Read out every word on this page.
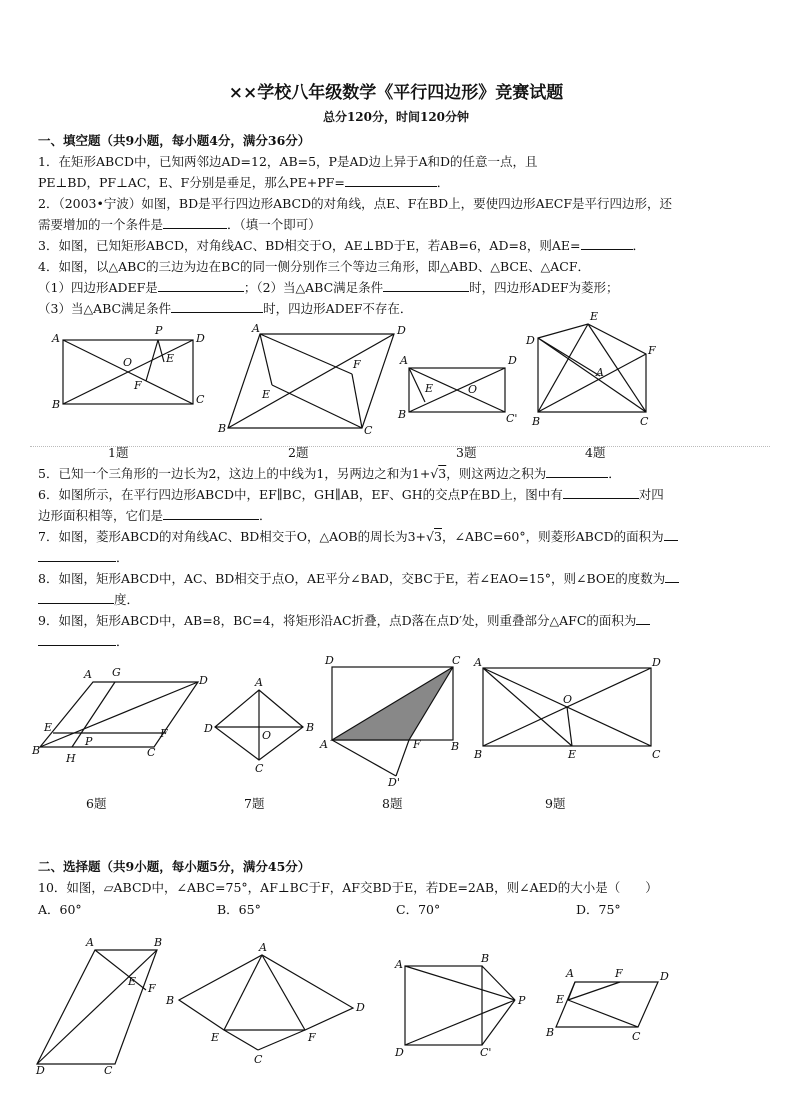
××学校八年级数学《平行四边形》竞赛试题
总分120分，时间120分钟
一、填空题（共9小题，每小题4分，满分36分）
1．在矩形ABCD中，已知两邻边AD=12，AB=5，P是AD边上异于A和D的任意一点，且
PE⊥BD，PF⊥AC，E、F分别是垂足，那么PE+PF=	．
2．（2003•宁波）如图，BD是平行四边形ABCD的对角线，点E、F在BD上，要使四边形AECF是平行四边形，还
需要增加的一个条件是	．（填一个即可）
3．如图，已知矩形ABCD，对角线AC、BD相交于O，AE⊥BD于E，若AB=6，AD=8，则AE=	．
4．如图，以△ABC的三边为边在BC的同一侧分别作三个等边三角形，即△ABD、△BCE、△ACF．
（1）四边形ADEF是	；（2）当△ABC满足条件	时，四边形ADEF为菱形；
（3）当△ABC满足条件	时，四边形ADEF不存在．
A
B
D
C
P
O	E
F
A	D
B	C
E
F	A	D
B	C'
E	O
D
E
F
A
B	C
A G
D
E	F
P
B
H	C
A
D	B
O
C
D	C
A	B
F
D'
A	D
O
B	E	C
A	B
E
F
D	C
A
B
D
E	F
C
A	B
P
D	C'
A	F	D
E
B	C
1题	2题	3题	4题
5．已知一个三角形的一边长为2，这边上的中线为1，另两边之和为1+√3，则这两边之积为	．
6．如图所示，在平行四边形ABCD中，EF∥BC，GH∥AB，EF、GH的交点P在BD上，图中有	对四
边形面积相等，它们是	．
7．如图，菱形ABCD的对角线AC、BD相交于O，△AOB的周长为3+√3，∠ABC=60°，则菱形ABCD的面积为
．
8．如图，矩形ABCD中，AC、BD相交于点O，AE平分∠BAD，交BC于E，若∠EAO=15°，则∠BOE的度数为
度．
9．如图，矩形ABCD中，AB=8，BC=4，将矩形沿AC折叠，点D落在点D′处，则重叠部分△AFC的面积为
．
6题	7题	8题	9题
二、选择题（共9小题，每小题5分，满分45分）
10．如图，▱ABCD中，∠ABC=75°，AF⊥BC于F，AF交BD于E，若DE=2AB，则∠AED的大小是（　　）
A．60°	B．65°	C．70°	D．75°
